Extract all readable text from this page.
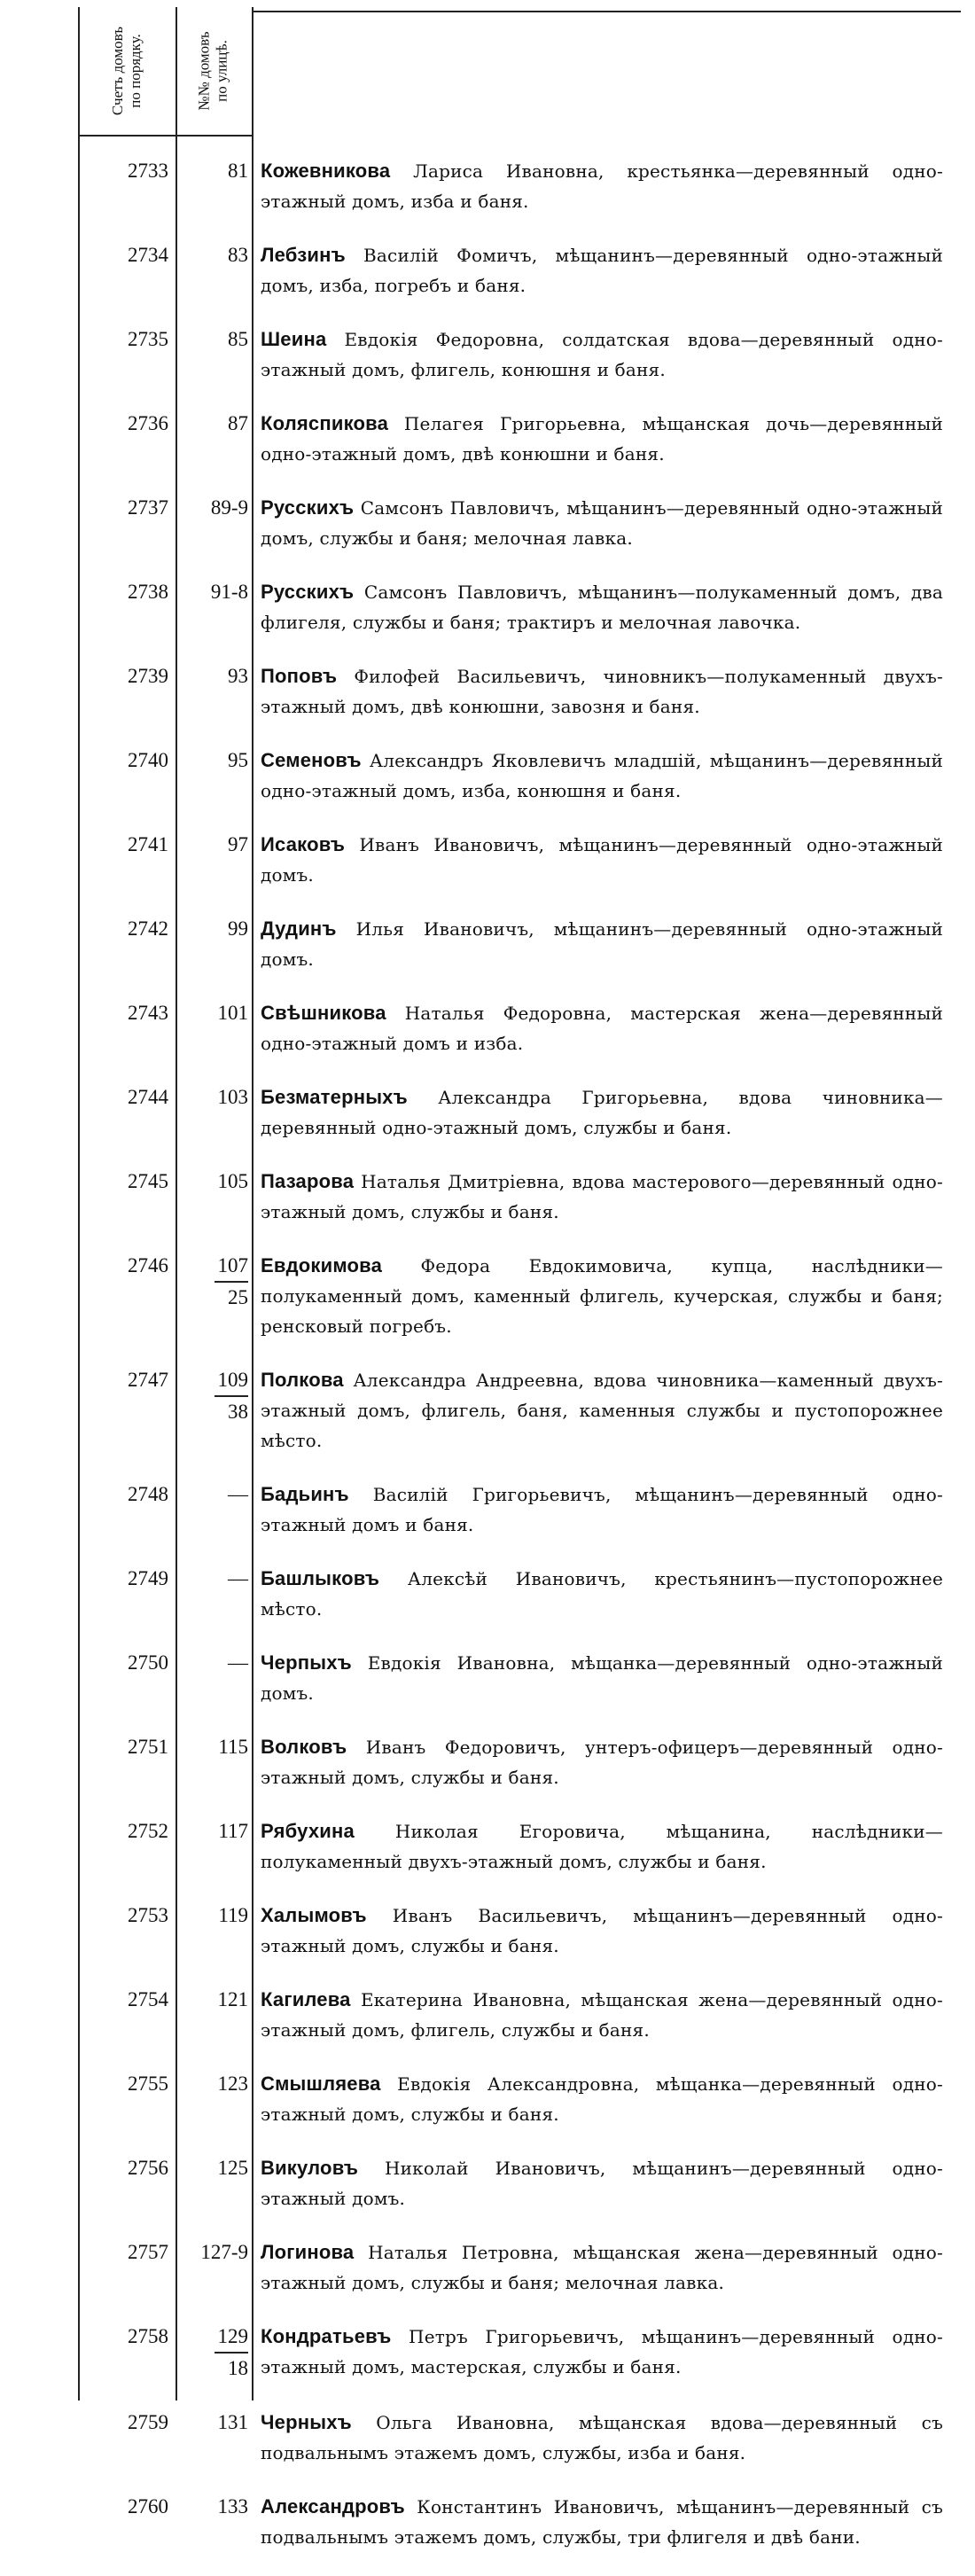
Счетъ домовъ по порядку.	№№ домовъ по улицѣ.
2733	81 Кожевникова Лариса Ивановна, крестьянка—деревянный одно-этажный домъ, изба и баня.
2734	83 Лебзинъ Василiй Фомичъ, мѣщанинъ—деревянный одно-этажный домъ, изба, погребъ и баня.
2735	85 Шеина Евдокiя Федоровна, солдатская вдова—деревянный одно-этажный домъ, флигель, конюшня и баня.
2736	87 Коляспикова Пелагея Григорьевна, мѣщанская дочь—деревянный одно-этажный домъ, двѣ конюшни и баня.
2737	89-9 Русскихъ Самсонъ Павловичъ, мѣщанинъ—деревянный одно-этажный домъ, службы и баня; мелочная лавка.
2738	91-8 Русскихъ Самсонъ Павловичъ, мѣщанинъ—полукаменный домъ, два флигеля, службы и баня; трактиръ и мелочная лавочка.
2739	93 Поповъ Филофей Васильевичъ, чиновникъ—полукаменный двухъ-этажный домъ, двѣ конюшни, завозня и баня.
2740	95 Семеновъ Александръ Яковлевичъ младшiй, мѣщанинъ—деревянный одно-этажный домъ, изба, конюшня и баня.
2741	97 Исаковъ Иванъ Ивановичъ, мѣщанинъ—деревянный одно-этажный домъ.
2742	99 Дудинъ Илья Ивановичъ, мѣщанинъ—деревянный одно-этажный домъ.
2743	101 Свѣшникова Наталья Федоровна, мастерская жена—деревянный одно-этажный домъ и изба.
2744	103 Безматерныхъ Александра Григорьевна, вдова чиновника—деревянный одно-этажный домъ, службы и баня.
2745	105 Пазарова Наталья Дмитрiевна, вдова мастерового—деревянный одно-этажный домъ, службы и баня.
2746	$\frac{107}{25}$ Евдокимова Федора Евдокимовича, купца, наслѣдники—полукаменный домъ, каменный флигель, кучерская, службы и баня; ренсковый погребъ.
2747	$\frac{109}{38}$ Полкова Александра Андреевна, вдова чиновника—каменный двухъ-этажный домъ, флигель, баня, каменныя службы и пустопорожнее мѣсто.
2748	— Бадьинъ Василiй Григорьевичъ, мѣщанинъ—деревянный одно-этажный домъ и баня.
2749	— Башлыковъ Алексѣй Ивановичъ, крестьянинъ—пустопорожнее мѣсто.
2750	— Черпыхъ Евдокiя Ивановна, мѣщанка—деревянный одно-этажный домъ.
2751	115 Волковъ Иванъ Федоровичъ, унтеръ-офицеръ—деревянный одно-этажный домъ, службы и баня.
2752	117 Рябухина Николая Егоровича, мѣщанина, наслѣдники—полукаменный двухъ-этажный домъ, службы и баня.
2753	119 Халымовъ Иванъ Васильевичъ, мѣщанинъ—деревянный одно-этажный домъ, службы и баня.
2754	121 Кагилева Екатерина Ивановна, мѣщанская жена—деревянный одно-этажный домъ, флигель, службы и баня.
2755	123 Смышляева Евдокiя Александровна, мѣщанка—деревянный одно-этажный домъ, службы и баня.
2756	125 Викуловъ Николай Ивановичъ, мѣщанинъ—деревянный одно-этажный домъ.
2757	127-9 Логинова Наталья Петровна, мѣщанская жена—деревянный одно-этажный домъ, службы и баня; мелочная лавка.
2758	$\frac{129}{18}$ Кондратьевъ Петръ Григорьевичъ, мѣщанинъ—деревянный одно-этажный домъ, мастерская, службы и баня.
2759	131 Черныхъ Ольга Ивановна, мѣщанская вдова—деревянный съ подвальнымъ этажемъ домъ, службы, изба и баня.
2760	133 Александровъ Константинъ Ивановичъ, мѣщанинъ—деревянный съ подвальнымъ этажемъ домъ, службы, три флигеля и двѣ бани.
